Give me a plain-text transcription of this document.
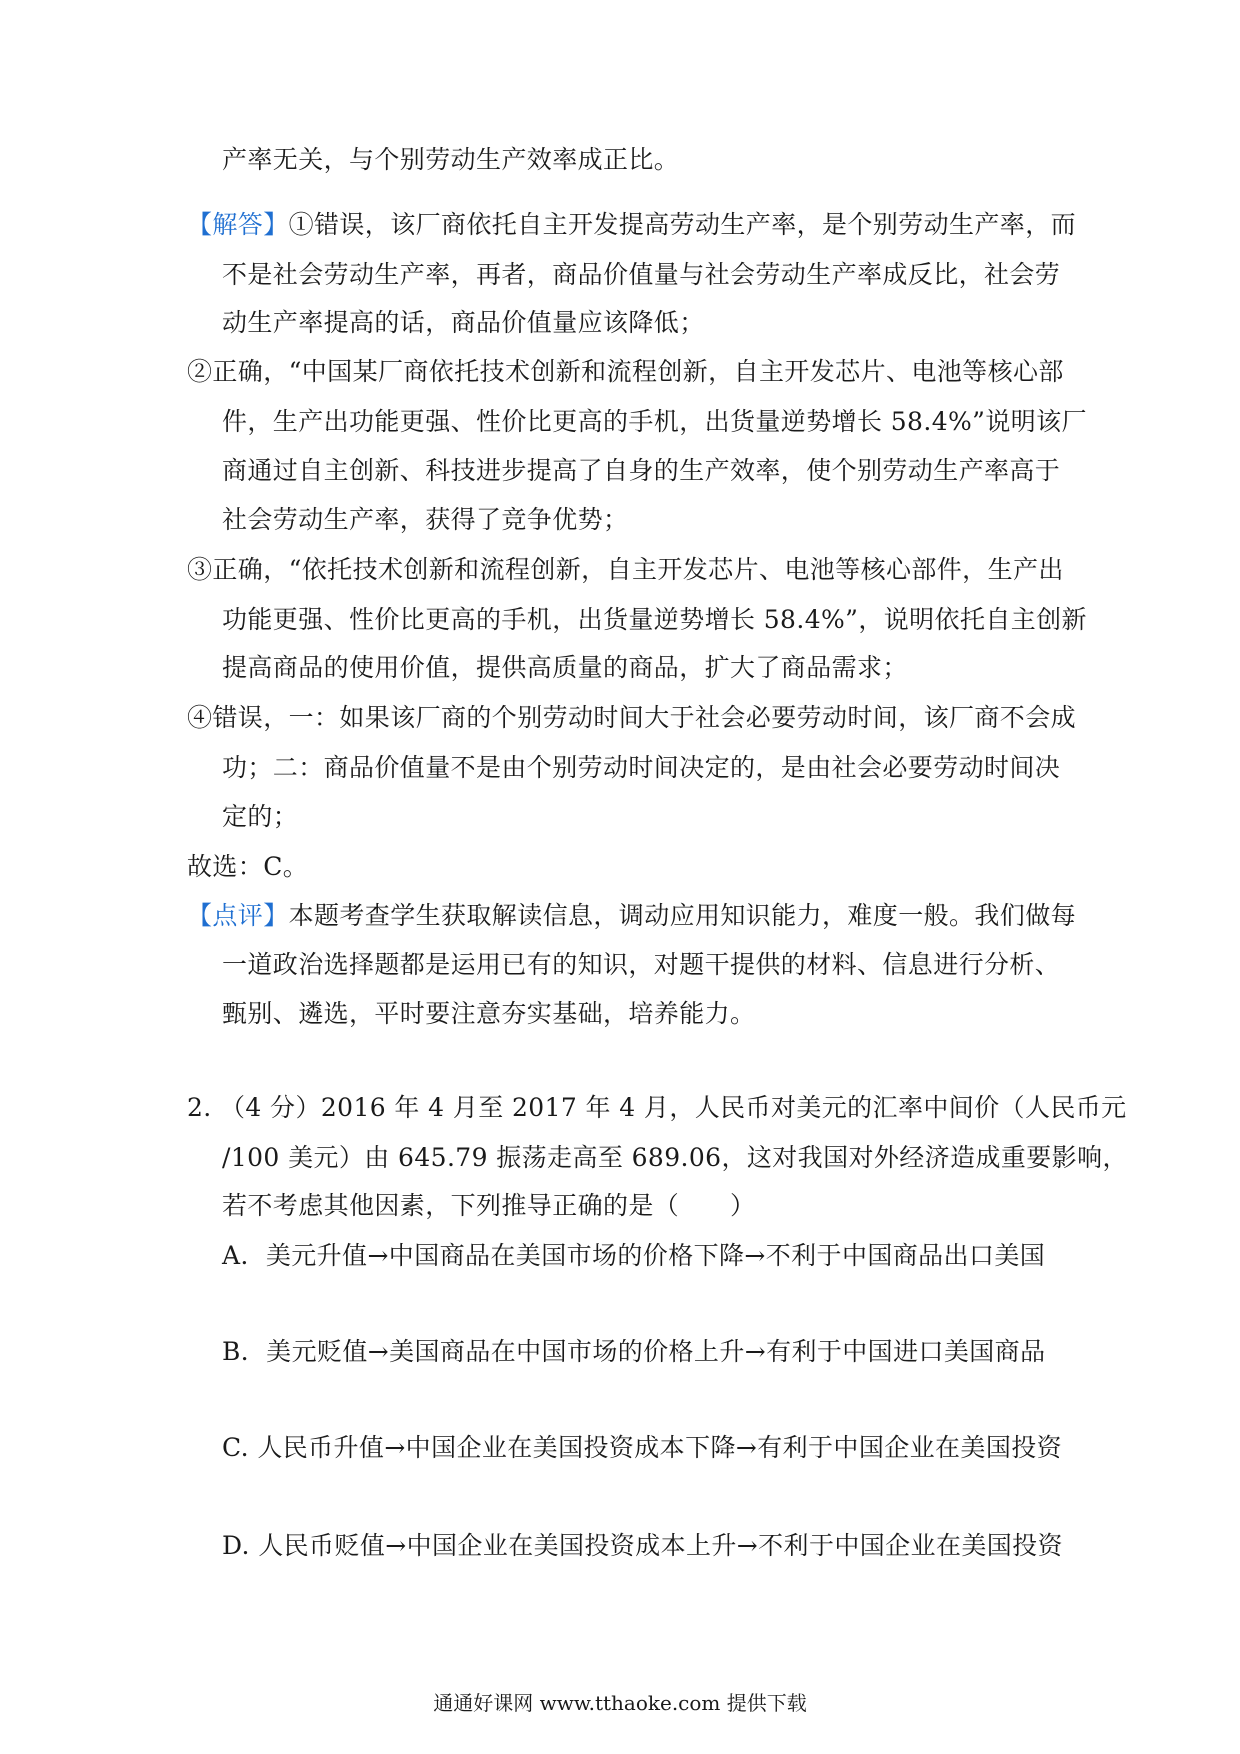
产率无关，与个别劳动生产效率成正比。
【解答】①错误，该厂商依托自主开发提高劳动生产率，是个别劳动生产率，而
不是社会劳动生产率，再者，商品价值量与社会劳动生产率成反比，社会劳
动生产率提高的话，商品价值量应该降低；
②正确，“中国某厂商依托技术创新和流程创新，自主开发芯片、电池等核心部
件，生产出功能更强、性价比更高的手机，出货量逆势增长 58.4%”说明该厂
商通过自主创新、科技进步提高了自身的生产效率，使个别劳动生产率高于
社会劳动生产率，获得了竞争优势；
③正确，“依托技术创新和流程创新，自主开发芯片、电池等核心部件，生产出
功能更强、性价比更高的手机，出货量逆势增长 58.4%”，说明依托自主创新
提高商品的使用价值，提供高质量的商品，扩大了商品需求；
④错误，一：如果该厂商的个别劳动时间大于社会必要劳动时间，该厂商不会成
功；二：商品价值量不是由个别劳动时间决定的，是由社会必要劳动时间决
定的；
故选：C。
【点评】本题考查学生获取解读信息，调动应用知识能力，难度一般。我们做每
一道政治选择题都是运用已有的知识，对题干提供的材料、信息进行分析、
甄别、遴选，平时要注意夯实基础，培养能力。
2. （4 分）2016 年 4 月至 2017 年 4 月，人民币对美元的汇率中间价（人民币元
/100 美元）由 645.79 振荡走高至 689.06，这对我国对外经济造成重要影响，
若不考虑其他因素，下列推导正确的是（　　）
A．美元升值→中国商品在美国市场的价格下降→不利于中国商品出口美国
B．美元贬值→美国商品在中国市场的价格上升→有利于中国进口美国商品
C. 人民币升值→中国企业在美国投资成本下降→有利于中国企业在美国投资
D. 人民币贬值→中国企业在美国投资成本上升→不利于中国企业在美国投资
通通好课网 www.tthaoke.com 提供下载
